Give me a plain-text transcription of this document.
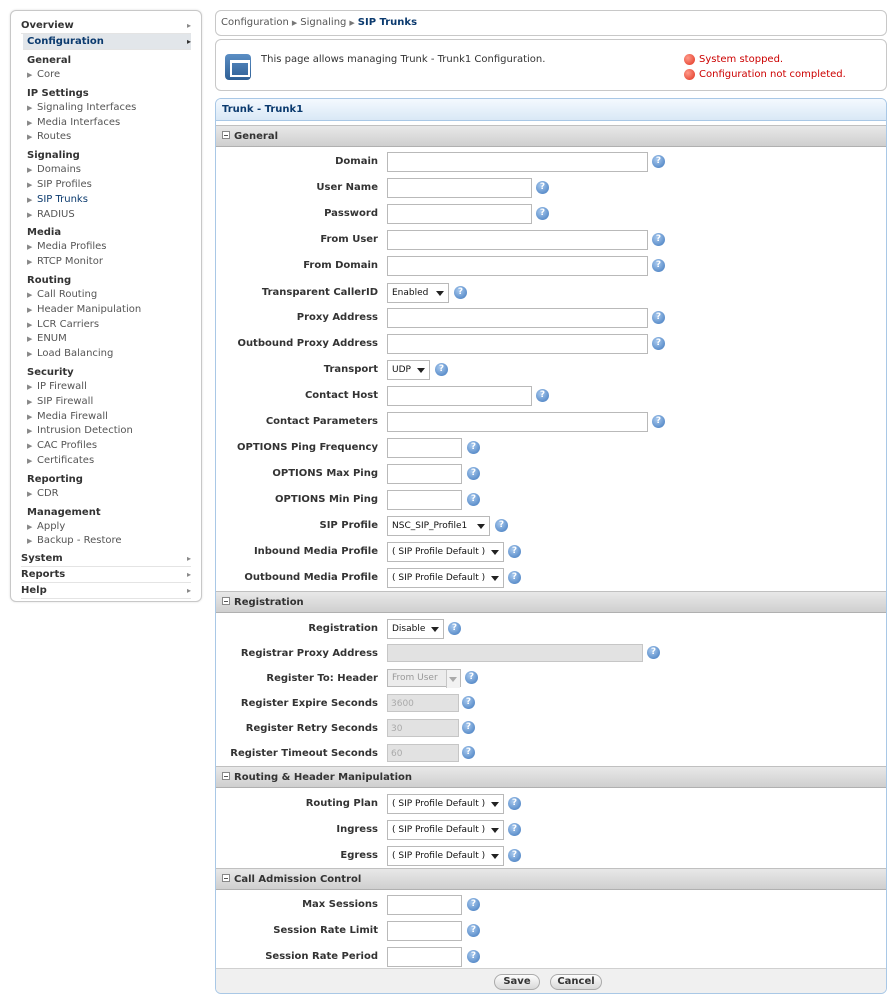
Overview	▸
Configuration	▸
General
▶ Core
IP Settings
▶ Signaling Interfaces
▶ Media Interfaces
▶ Routes
Signaling
▶ Domains
▶ SIP Profiles
▶ SIP Trunks
▶ RADIUS
Media
▶ Media Profiles
▶ RTCP Monitor
Routing
▶ Call Routing
▶ Header Manipulation
▶ LCR Carriers
▶ ENUM
▶ Load Balancing
Security
▶ IP Firewall
▶ SIP Firewall
▶ Media Firewall
▶ Intrusion Detection
▶ CAC Profiles
▶ Certificates
Reporting
▶ CDR
Management
▶ Apply
▶ Backup - Restore
System	▸
Reports	▸
Help	▸
Configuration ▶ Signaling ▶ SIP Trunks
This page allows managing Trunk - Trunk1 Configuration.	System stopped.
Configuration not completed.
Trunk - Trunk1
General
Domain	?
User Name	?
Password	?
From User	?
From Domain	?
Transparent CallerID	Enabled	?
Proxy Address	?
Outbound Proxy Address	?
Transport	UDP	?
Contact Host	?
Contact Parameters	?
OPTIONS Ping Frequency	?
OPTIONS Max Ping	?
OPTIONS Min Ping	?
SIP Profile	NSC_SIP_Profile1	?
Inbound Media Profile	( SIP Profile Default )	?
Outbound Media Profile	( SIP Profile Default )	?
Registration
Registration	Disable	?
Registrar Proxy Address	?
Register To: Header	From User	?
Register Expire Seconds	3600	?
Register Retry Seconds	30	?
Register Timeout Seconds	60	?
Routing & Header Manipulation
Routing Plan	( SIP Profile Default )	?
Ingress	( SIP Profile Default )	?
Egress	( SIP Profile Default )	?
Call Admission Control
Max Sessions	?
Session Rate Limit	?
Session Rate Period	?
Save	Cancel
